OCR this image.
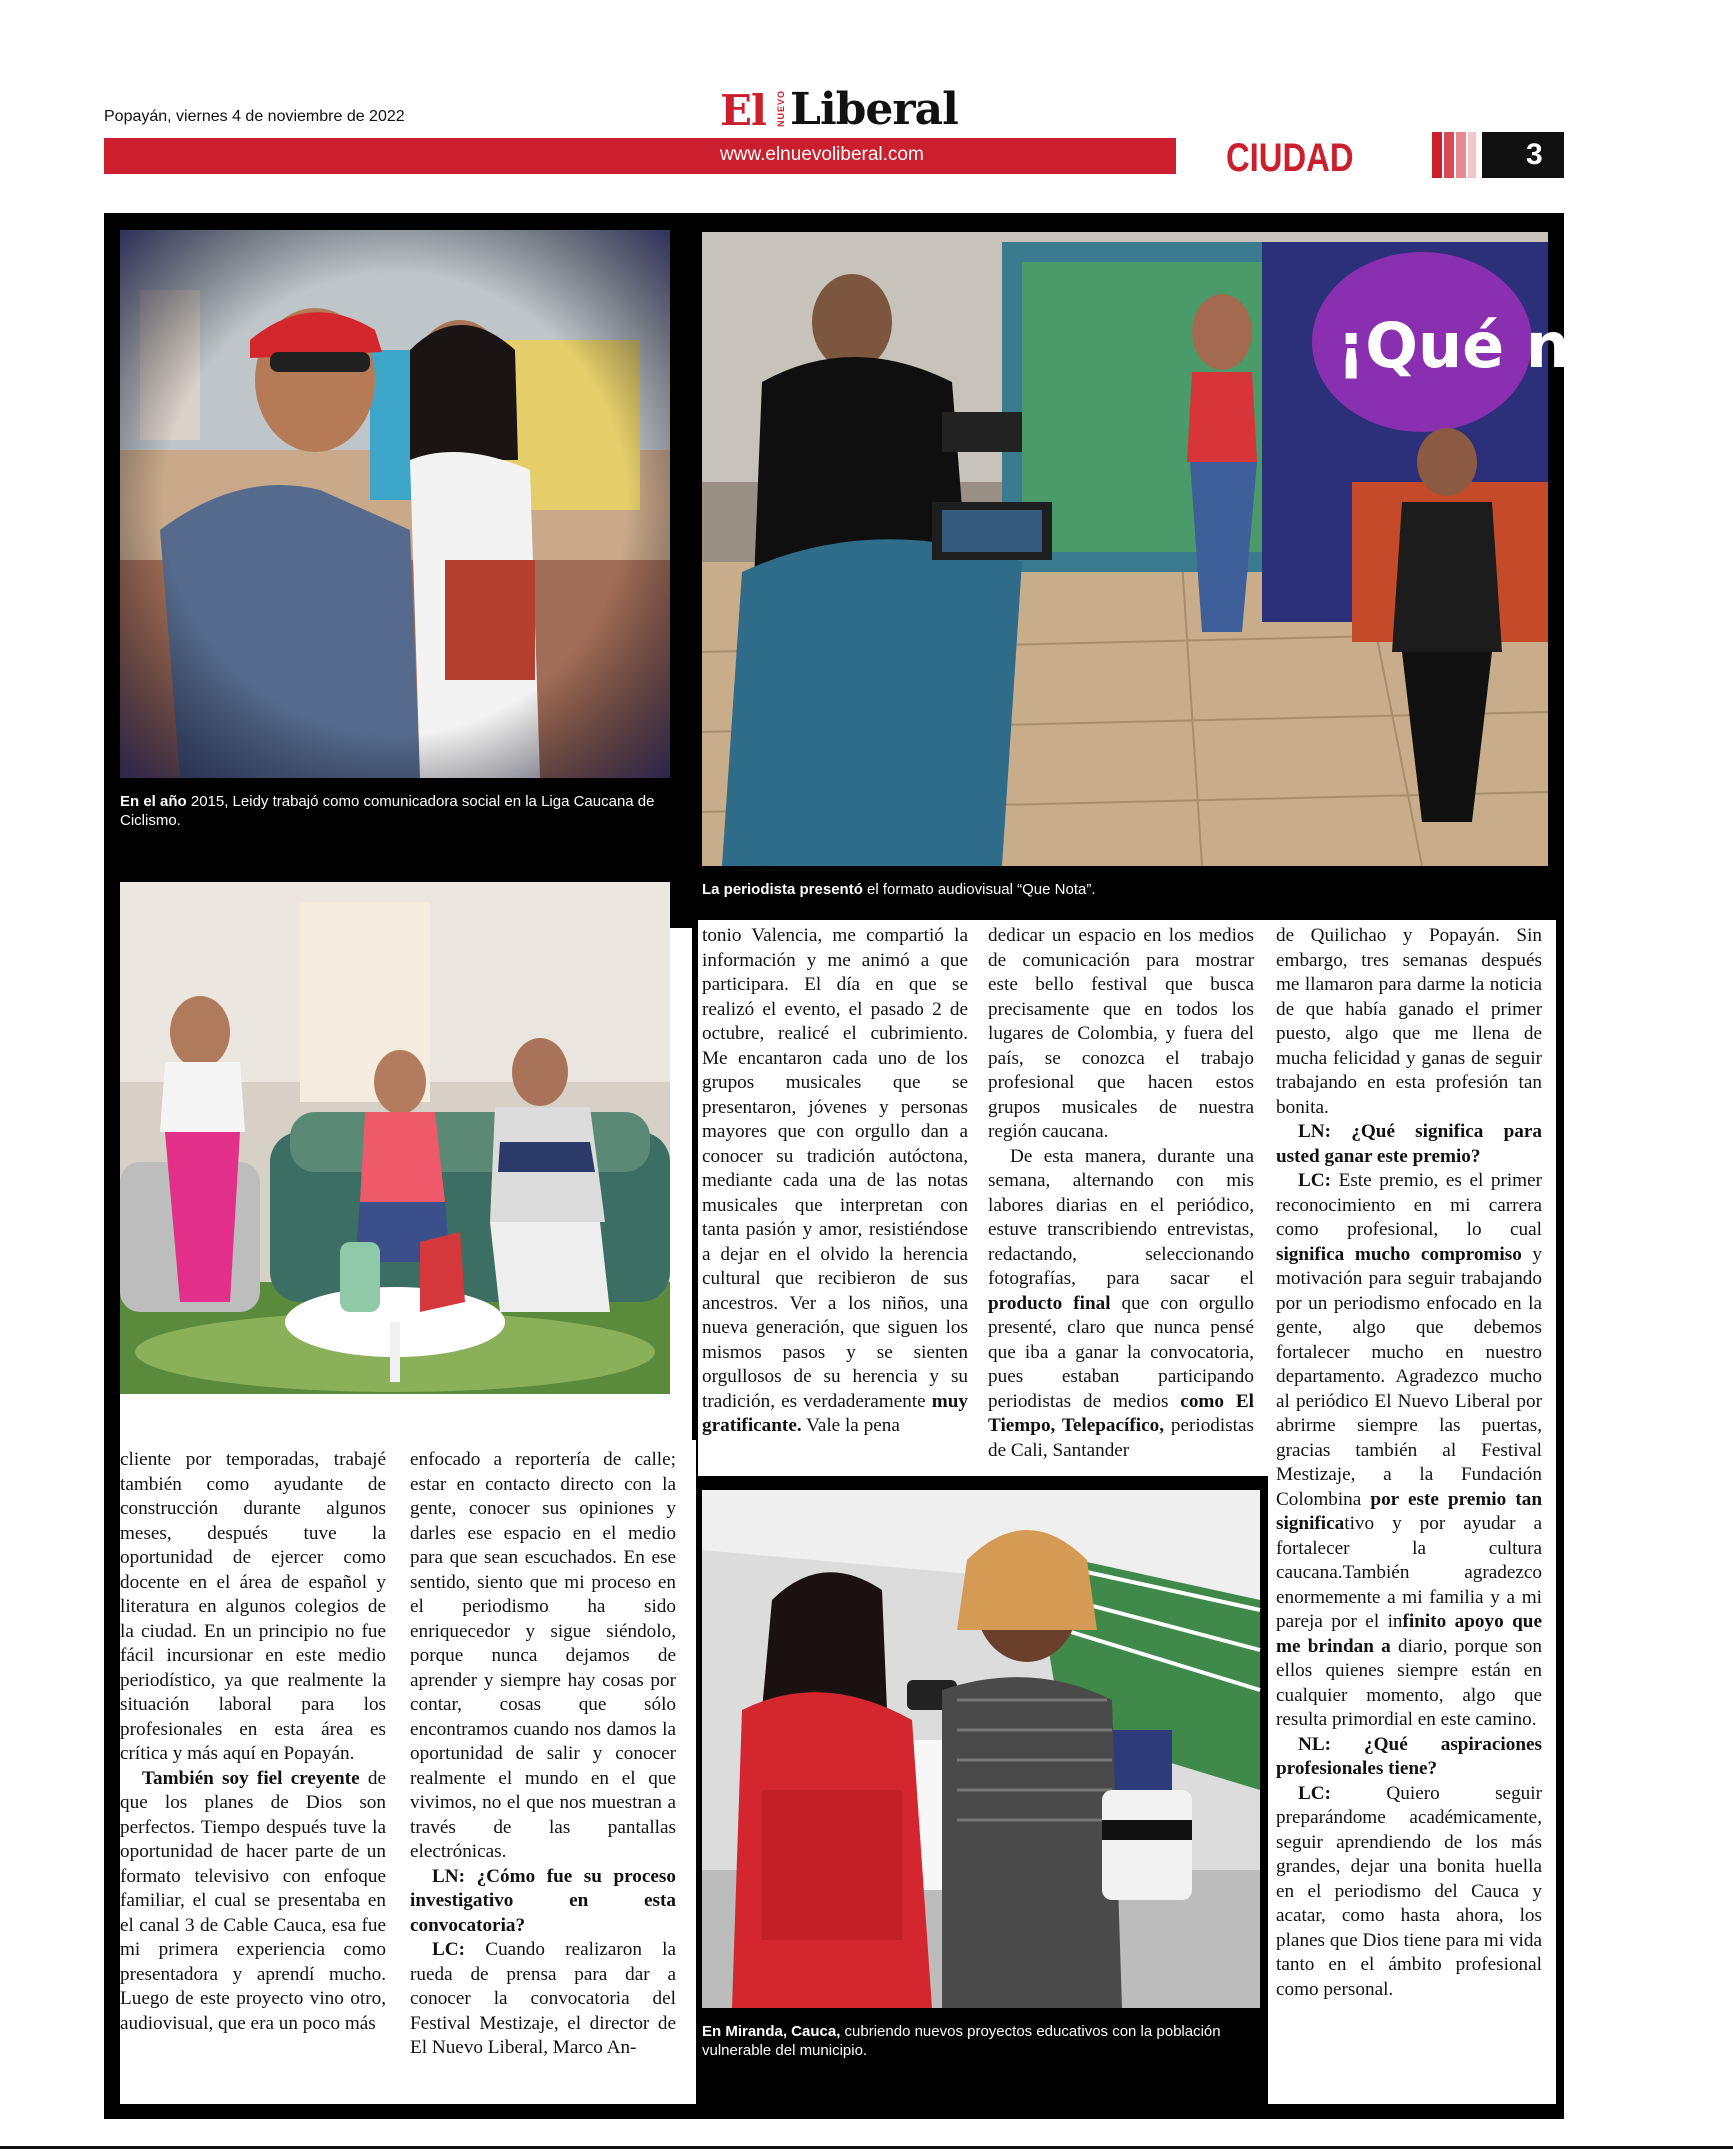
Popayán, viernes 4 de noviembre de 2022	El NUEVO Liberal
www.elnuevoliberal.com	CIUDAD	3
En el año 2015, Leidy trabajó como comunicadora social en la Liga Caucana de Ciclismo.
¡Qué no
La periodista presentó el formato audiovisual “Que Nota”.
La ganadora del premio, presentó el programa “Tiempo en familia”.
En Miranda, Cauca, cubriendo nuevos proyectos educativos con la población vulnerable del municipio.

cliente por temporadas, trabajé también como ayudante de construcción durante algunos meses, después tuve la oportunidad de ejercer como docente en el área de español y literatura en algunos colegios de la ciudad. En un principio no fue fácil incursionar en este medio periodístico, ya que realmente la situación laboral para los profesionales en esta área es crítica y más aquí en Popayán.

También soy fiel creyente de que los planes de Dios son perfectos. Tiempo después tuve la oportunidad de hacer parte de un formato televisivo con enfoque familiar, el cual se presentaba en el canal 3 de Cable Cauca, esa fue mi primera experiencia como presentadora y aprendí mucho. Luego de este proyecto vino otro, audiovisual, que era un poco más

enfocado a reportería de calle; estar en contacto directo con la gente, conocer sus opiniones y darles ese espacio en el medio para que sean escuchados. En ese sentido, siento que mi proceso en el periodismo ha sido enriquecedor y sigue siéndolo, porque nunca dejamos de aprender y siempre hay cosas por contar, cosas que sólo encontramos cuando nos damos la oportunidad de salir y conocer realmente el mundo en el que vivimos, no el que nos muestran a través de las pantallas electrónicas.

LN: ¿Cómo fue su proceso investigativo en esta convocatoria?

LC: Cuando realizaron la rueda de prensa para dar a conocer la convocatoria del Festival Mestizaje, el director de El Nuevo Liberal, Marco An-

tonio Valencia, me compartió la información y me animó a que participara. El día en que se realizó el evento, el pasado 2 de octubre, realicé el cubrimiento. Me encantaron cada uno de los grupos musicales que se presentaron, jóvenes y personas mayores que con orgullo dan a conocer su tradición autóctona, mediante cada una de las notas musicales que interpretan con tanta pasión y amor, resistiéndose a dejar en el olvido la herencia cultural que recibieron de sus ancestros. Ver a los niños, una nueva generación, que siguen los mismos pasos y se sienten orgullosos de su herencia y su tradición, es verdaderamente muy gratificante. Vale la pena

dedicar un espacio en los medios de comunicación para mostrar este bello festival que busca precisamente que en todos los lugares de Colombia, y fuera del país, se conozca el trabajo profesional que hacen estos grupos musicales de nuestra región caucana.

De esta manera, durante una semana, alternando con mis labores diarias en el periódico, estuve transcribiendo entrevistas, redactando, seleccionando fotografías, para sacar el producto final que con orgullo presenté, claro que nunca pensé que iba a ganar la convocatoria, pues estaban participando periodistas de medios como El Tiempo, Telepacífico, periodistas de Cali, Santander

de Quilichao y Popayán. Sin embargo, tres semanas después me llamaron para darme la noticia de que había ganado el primer puesto, algo que me llena de mucha felicidad y ganas de seguir trabajando en esta profesión tan bonita.

LN: ¿Qué significa para usted ganar este premio?

LC: Este premio, es el primer reconocimiento en mi carrera como profesional, lo cual significa mucho compromiso y motivación para seguir trabajando por un periodismo enfocado en la gente, algo que debemos fortalecer mucho en nuestro departamento. Agradezco mucho al periódico El Nuevo Liberal por abrirme siempre las puertas, gracias también al Festival Mestizaje, a la Fundación Colombina por este premio tan significativo y por ayudar a fortalecer la cultura caucana.También agradezco enormemente a mi familia y a mi pareja por el infinito apoyo que me brindan a diario, porque son ellos quienes siempre están en cualquier momento, algo que resulta primordial en este camino.

NL: ¿Qué aspiraciones profesionales tiene?

LC: Quiero seguir preparándome académicamente, seguir aprendiendo de los más grandes, dejar una bonita huella en el periodismo del Cauca y acatar, como hasta ahora, los planes que Dios tiene para mi vida tanto en el ámbito profesional como personal.
